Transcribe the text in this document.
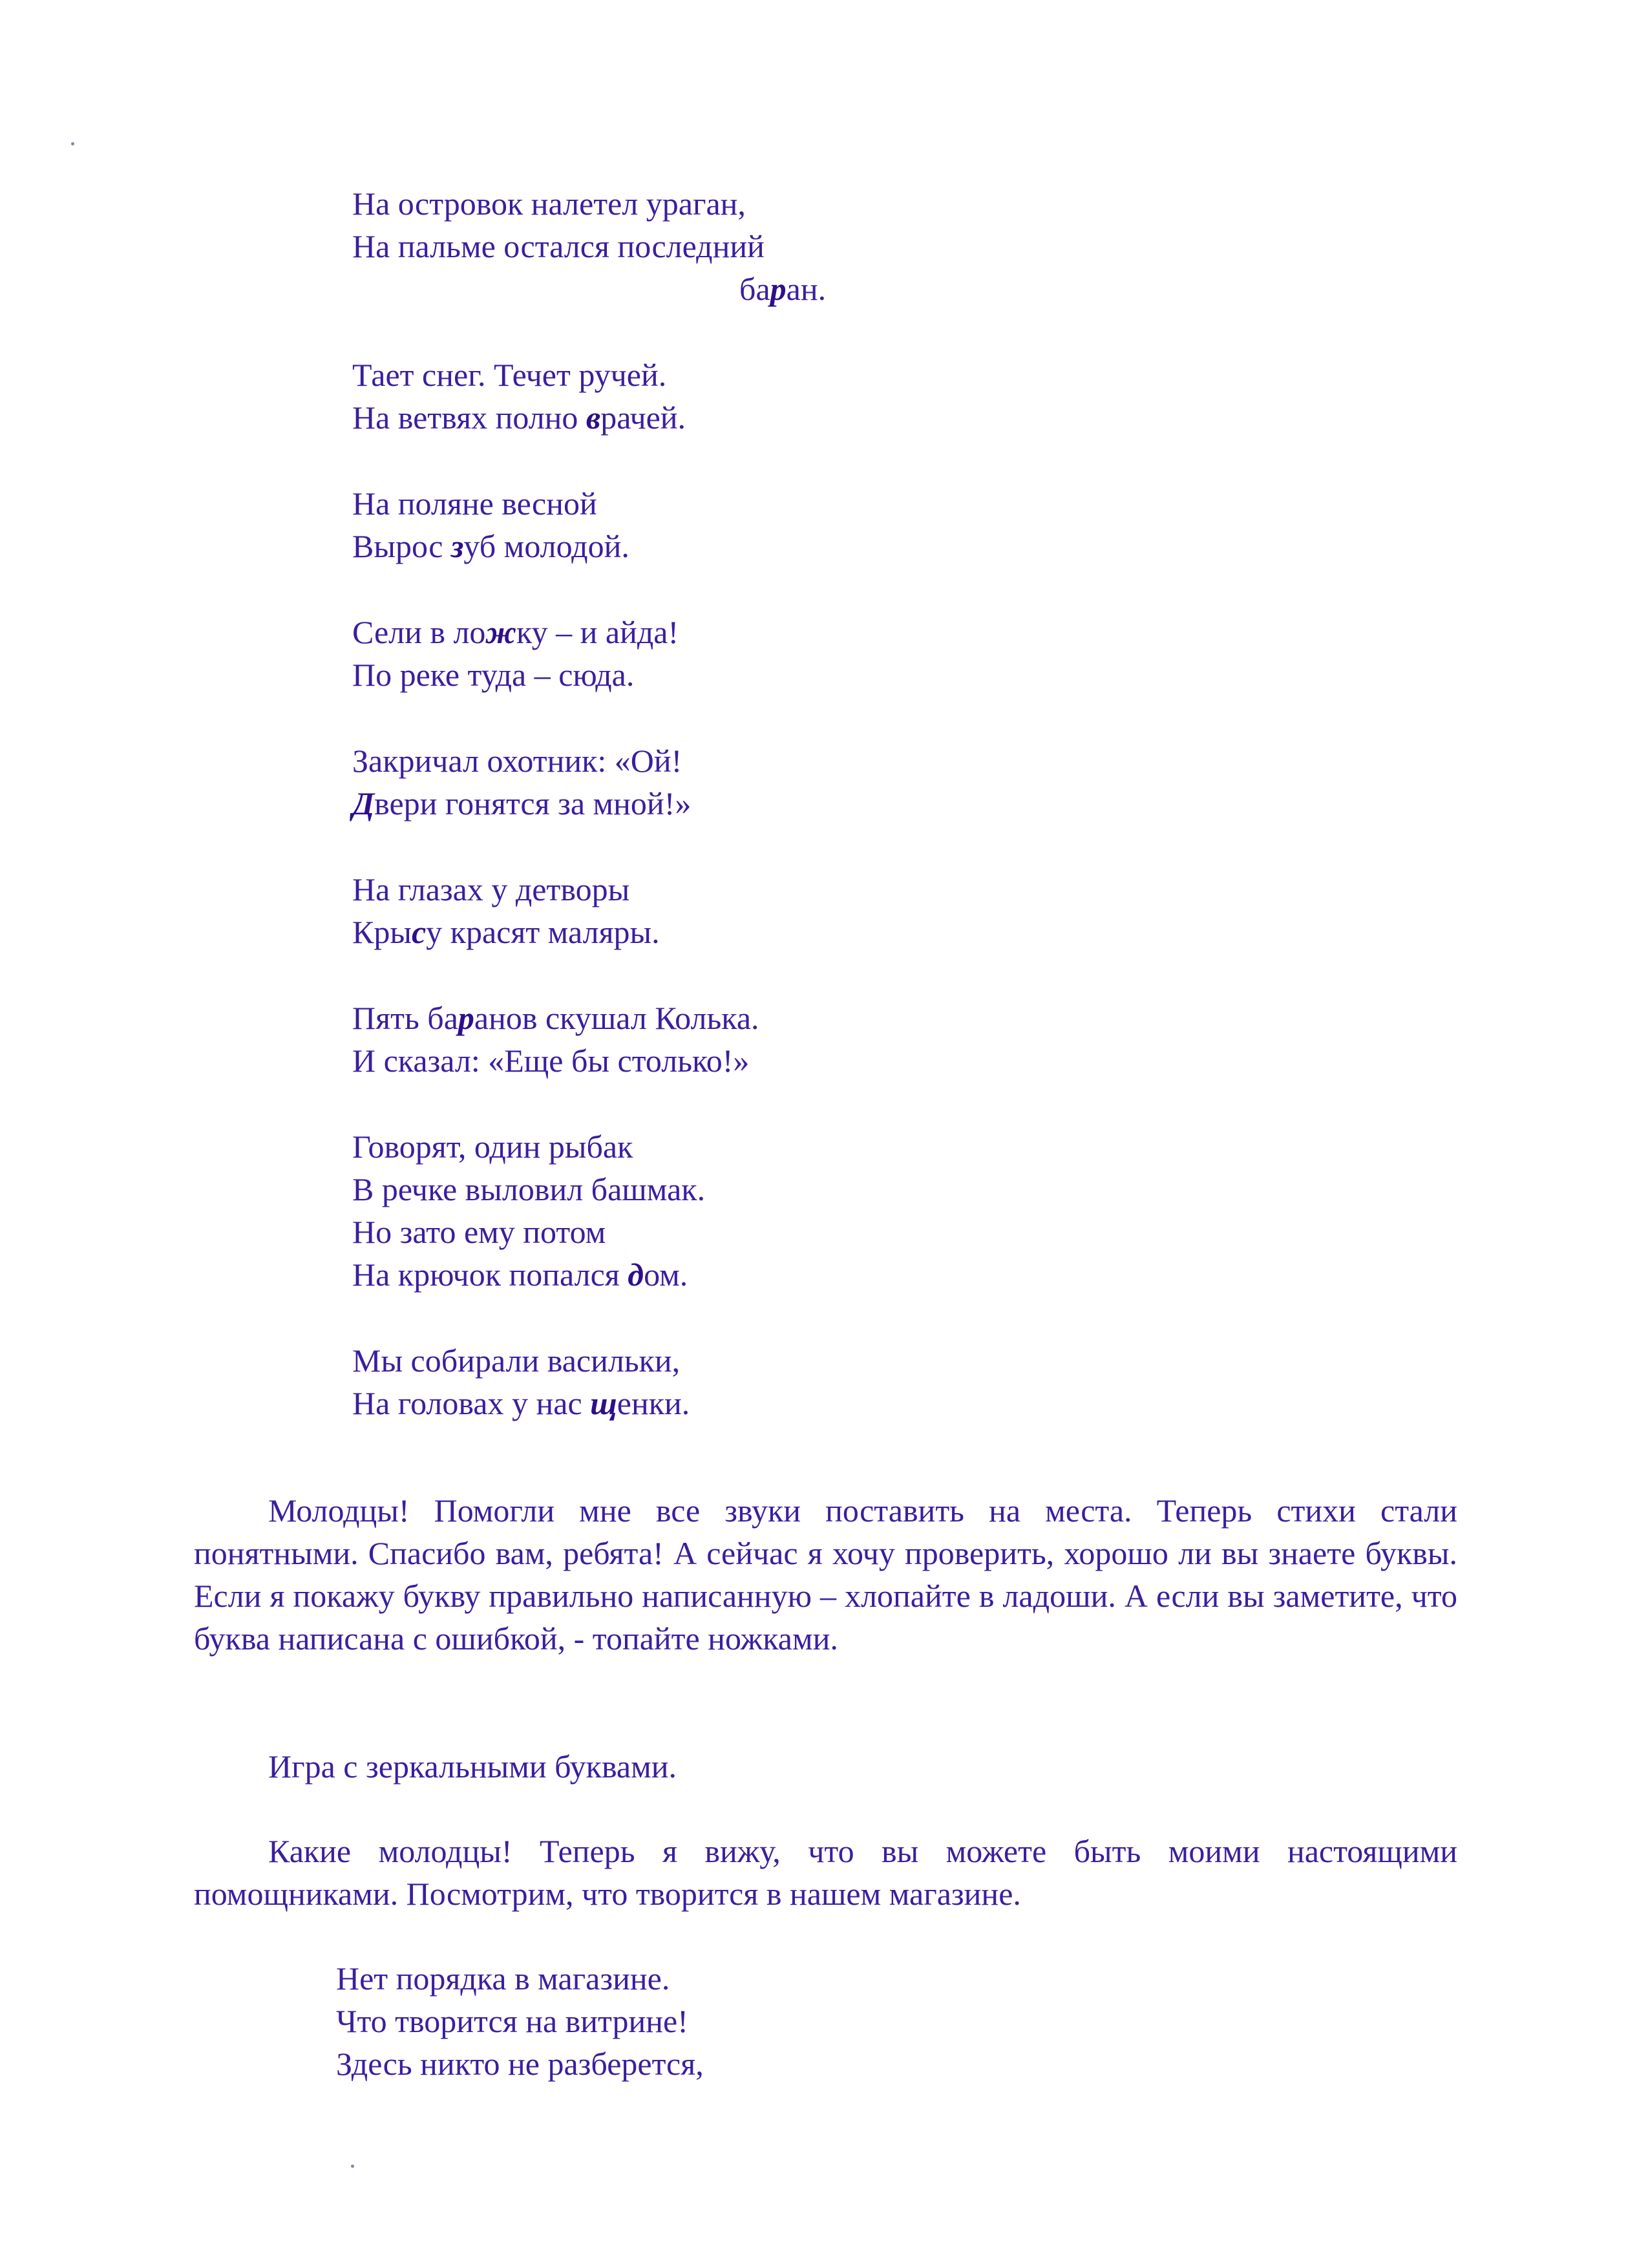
На островок налетел ураган,
На пальме остался последний
баран.
Тает снег. Течет ручей.
На ветвях полно врачей.
На поляне весной
Вырос зуб молодой.
Сели в ложку – и айда!
По реке туда – сюда.
Закричал охотник: «Ой!
Двери гонятся за мной!»
На глазах у детворы
Крысу красят маляры.
Пять баранов скушал Колька.
И сказал: «Еще бы столько!»
Говорят, один рыбак
В речке выловил башмак.
Но зато ему потом
На крючок попался дом.
Мы собирали васильки,
На головах у нас щенки.
Молодцы! Помогли мне все звуки поставить на места. Теперь стихи стали понятными. Спасибо вам, ребята! А сейчас я хочу проверить, хорошо ли вы знаете буквы. Если я покажу букву правильно написанную – хлопайте в ладоши. А если вы заметите, что буква написана с ошибкой, - топайте ножками.
Игра с зеркальными буквами.
Какие молодцы! Теперь я вижу, что вы можете быть моими настоящими помощниками. Посмотрим, что творится в нашем магазине.
Нет порядка в магазине.
Что творится на витрине!
Здесь никто не разберется,
